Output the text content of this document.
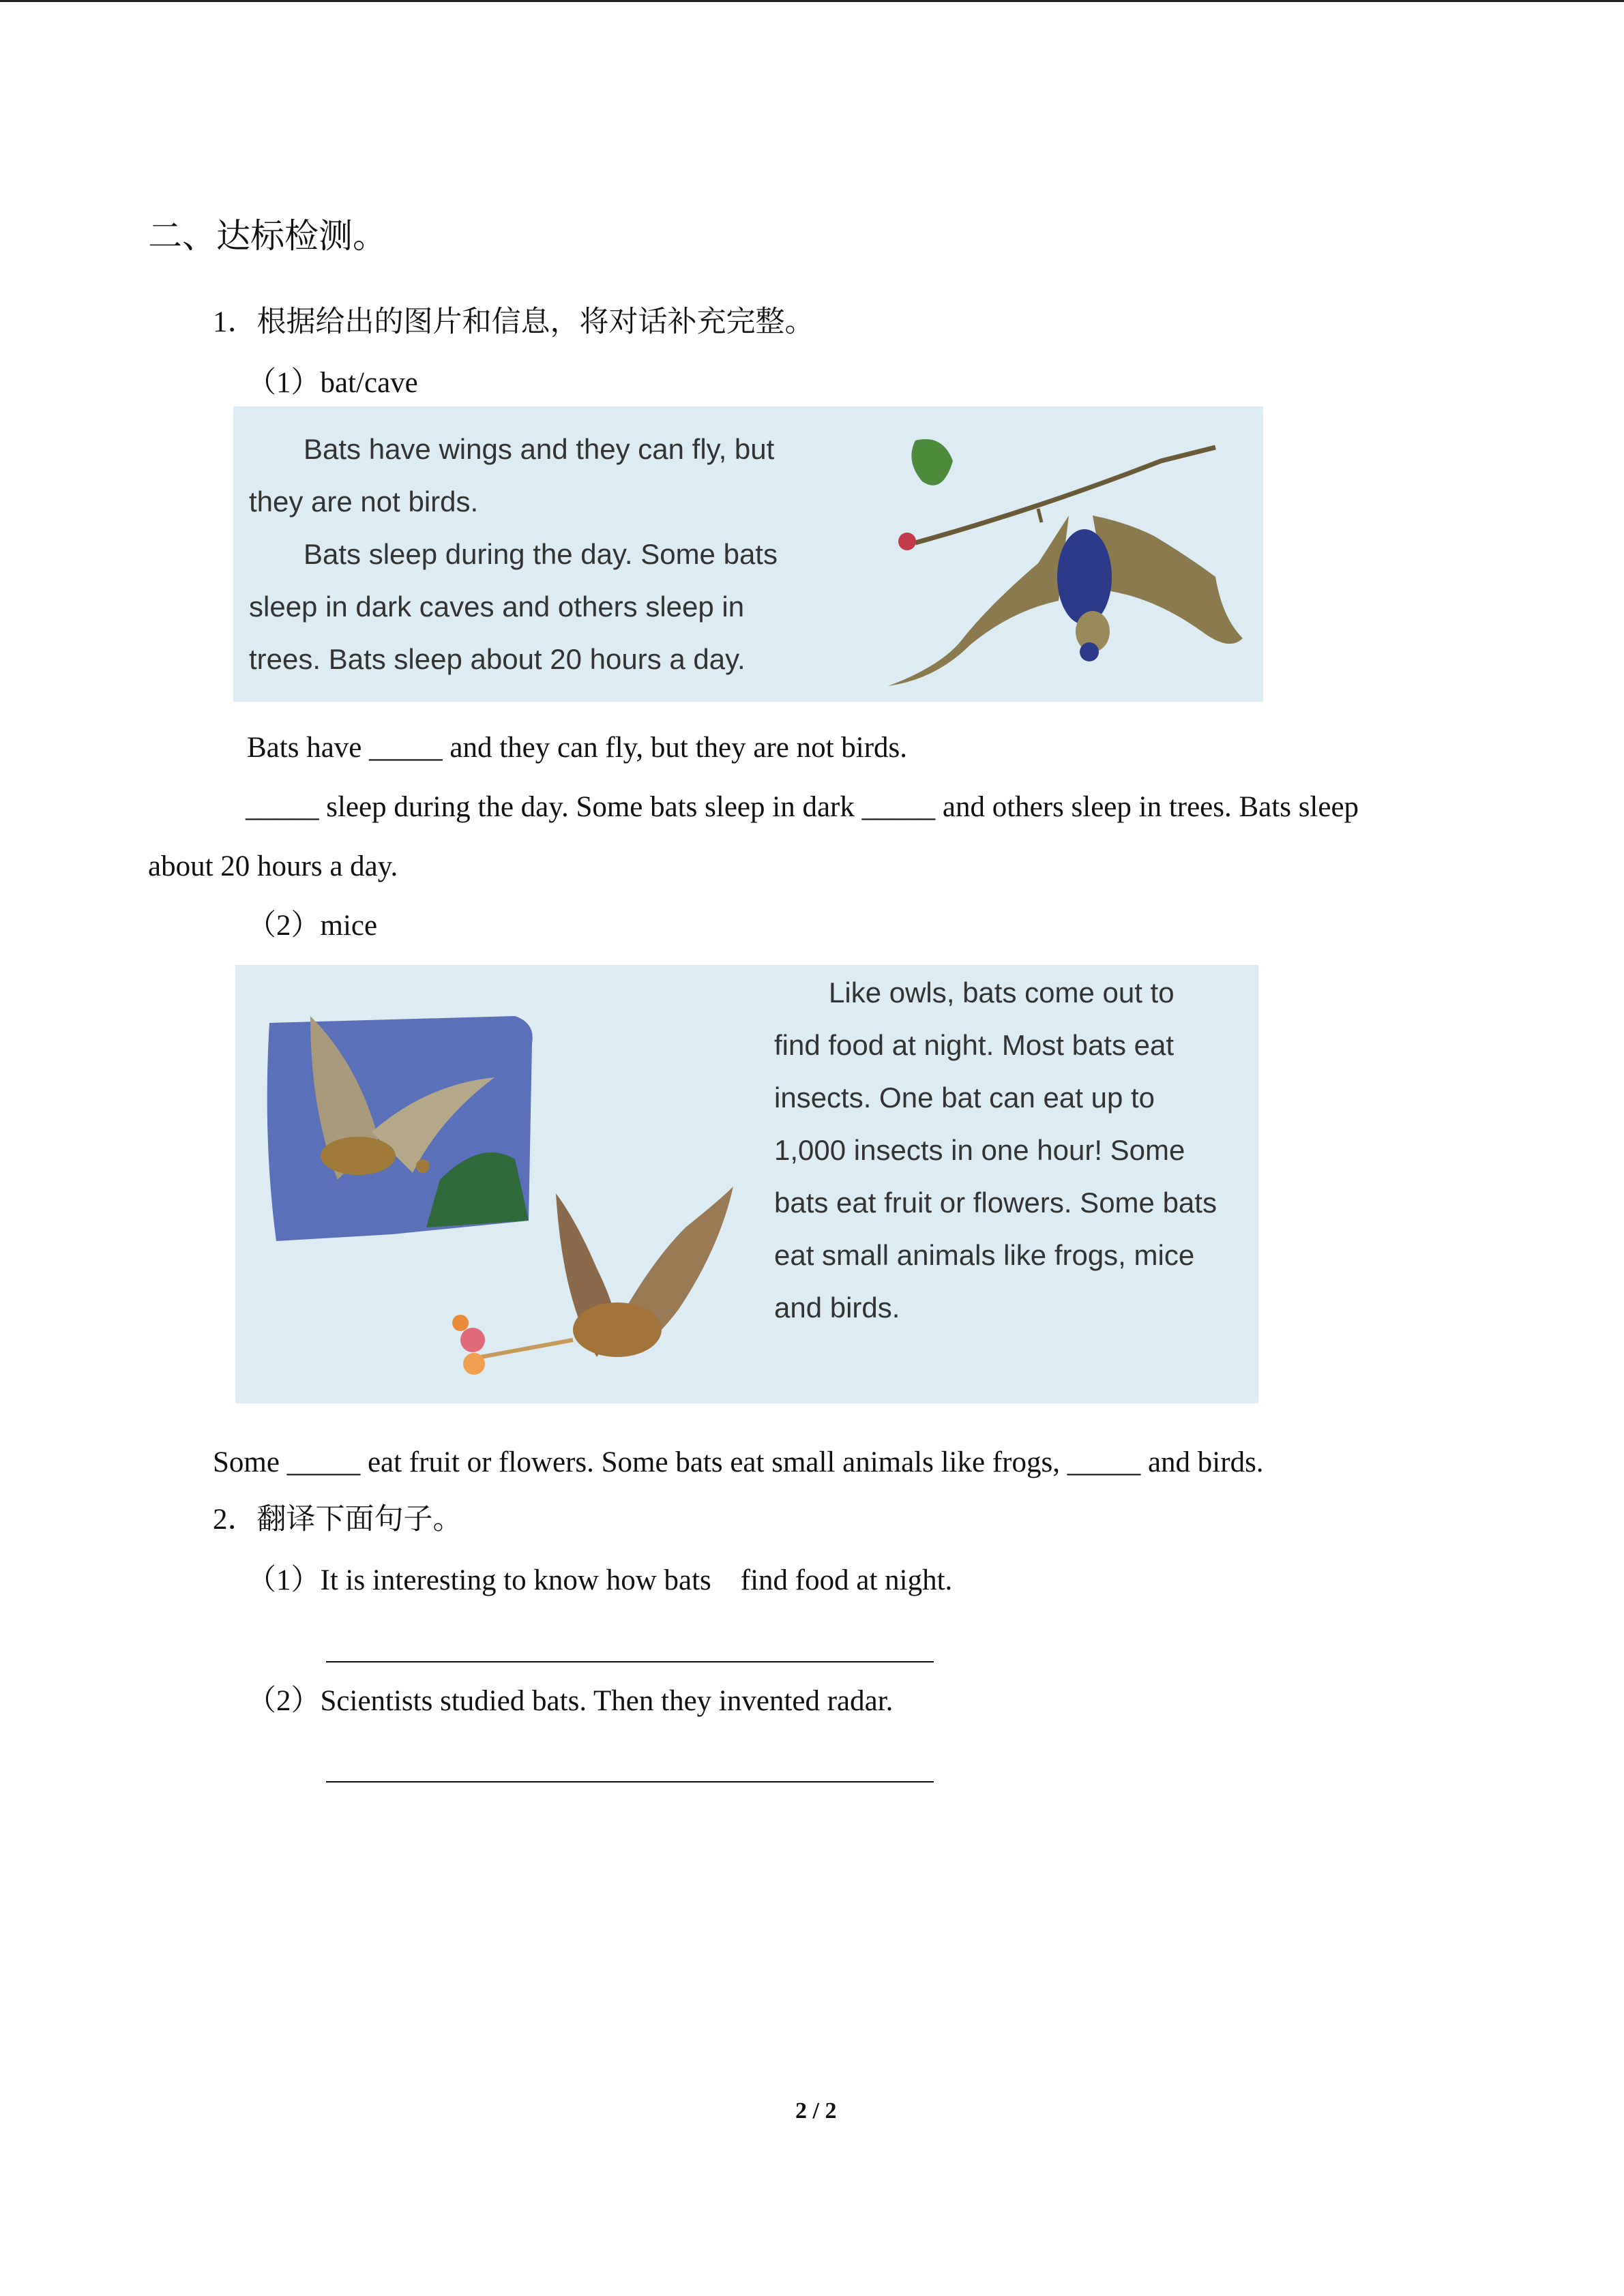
二、达标检测。
1．根据给出的图片和信息，将对话补充完整。
（1）bat/cave
Bats have wings and they can fly, but
they are not birds.
Bats sleep during the day. Some bats
sleep in dark caves and others sleep in
trees. Bats sleep about 20 hours a day.
Bats have _____ and they can fly, but they are not birds.
_____ sleep during the day. Some bats sleep in dark _____ and others sleep in trees. Bats sleep
about 20 hours a day.
（2）mice
Like owls, bats come out to
find food at night. Most bats eat
insects. One bat can eat up to
1,000 insects in one hour! Some
bats eat fruit or flowers. Some bats
eat small animals like frogs, mice
and birds.
Some _____ eat fruit or flowers. Some bats eat small animals like frogs, _____ and birds.
2．翻译下面句子。
（1）It is interesting to know how bats　find food at night.
（2）Scientists studied bats. Then they invented radar.
2 / 2
